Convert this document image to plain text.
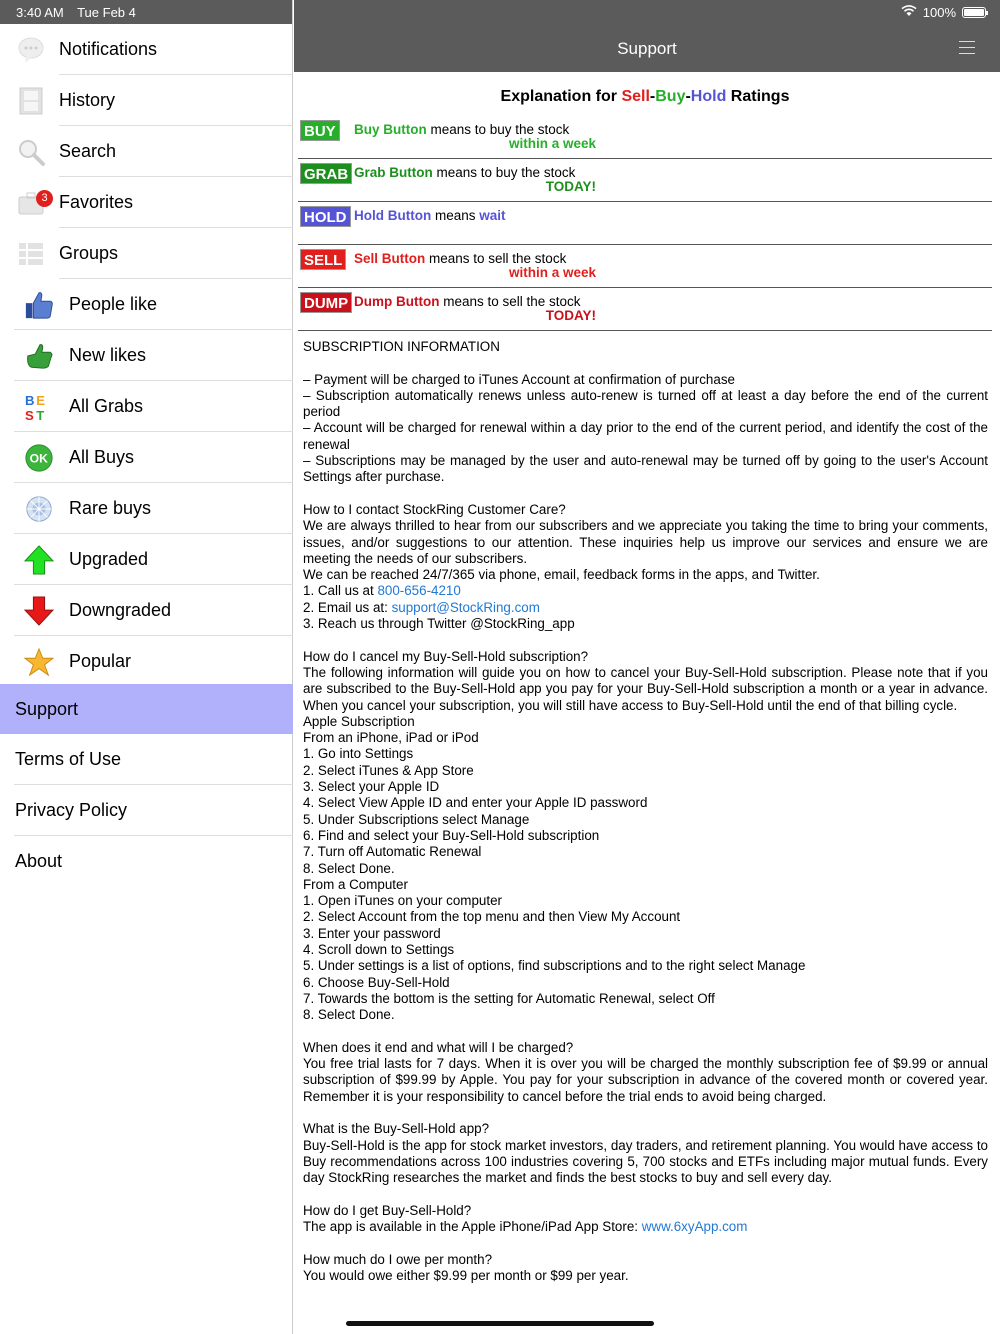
Notifications
History
Search
Favorites
3
Groups
People like
New likes
B E
S T All Grabs
OK All Buys
Rare buys
Upgraded
Downgraded
Popular
Support
Terms of Use
Privacy Policy
About
3:40 AM Tue Feb 4	100%
Support
Explanation for Sell-Buy-Hold Ratings
BUY Buy Button means to buy the stock
within a week
GRAB Grab Button means to buy the stock
TODAY!
HOLD Hold Button means wait
SELL Sell Button means to sell the stock
within a week
DUMP Dump Button means to sell the stock
TODAY!

SUBSCRIPTION INFORMATION

– Payment will be charged to iTunes Account at confirmation of purchase

– Subscription automatically renews unless auto-renew is turned off at least a day before the end of the current period

– Account will be charged for renewal within a day prior to the end of the current period, and identify the cost of the renewal

– Subscriptions may be managed by the user and auto-renewal may be turned off by going to the user's Account Settings after purchase.

How to I contact StockRing Customer Care?

We are always thrilled to hear from our subscribers and we appreciate you taking the time to bring your comments, issues, and/or suggestions to our attention. These inquiries help us improve our services and ensure we are meeting the needs of our subscribers.

We can be reached 24/7/365 via phone, email, feedback forms in the apps, and Twitter.

1. Call us at 800-656-4210

2. Email us at: support@StockRing.com

3. Reach us through Twitter @StockRing_app

How do I cancel my Buy-Sell-Hold subscription?

The following information will guide you on how to cancel your Buy-Sell-Hold subscription. Please note that if you are subscribed to the Buy-Sell-Hold app you pay for your Buy-Sell-Hold subscription a month or a year in advance. When you cancel your subscription, you will still have access to Buy-Sell-Hold until the end of that billing cycle.

Apple Subscription

From an iPhone, iPad or iPod

1. Go into Settings

2. Select iTunes & App Store

3. Select your Apple ID

4. Select View Apple ID and enter your Apple ID password

5. Under Subscriptions select Manage

6. Find and select your Buy-Sell-Hold subscription

7. Turn off Automatic Renewal

8. Select Done.

From a Computer

1. Open iTunes on your computer

2. Select Account from the top menu and then View My Account

3. Enter your password

4. Scroll down to Settings

5. Under settings is a list of options, find subscriptions and to the right select Manage

6. Choose Buy-Sell-Hold

7. Towards the bottom is the setting for Automatic Renewal, select Off

8. Select Done.

When does it end and what will I be charged?

You free trial lasts for 7 days. When it is over you will be charged the monthly subscription fee of $9.99 or annual subscription of $99.99 by Apple. You pay for your subscription in advance of the covered month or covered year. Remember it is your responsibility to cancel before the trial ends to avoid being charged.

What is the Buy-Sell-Hold app?

Buy-Sell-Hold is the app for stock market investors, day traders, and retirement planning. You would have access to Buy recommendations across 100 industries covering 5, 700 stocks and ETFs including major mutual funds. Every day StockRing researches the market and finds the best stocks to buy and sell every day.

How do I get Buy-Sell-Hold?

The app is available in the Apple iPhone/iPad App Store: www.6xyApp.com

How much do I owe per month?

You would owe either $9.99 per month or $99 per year.
